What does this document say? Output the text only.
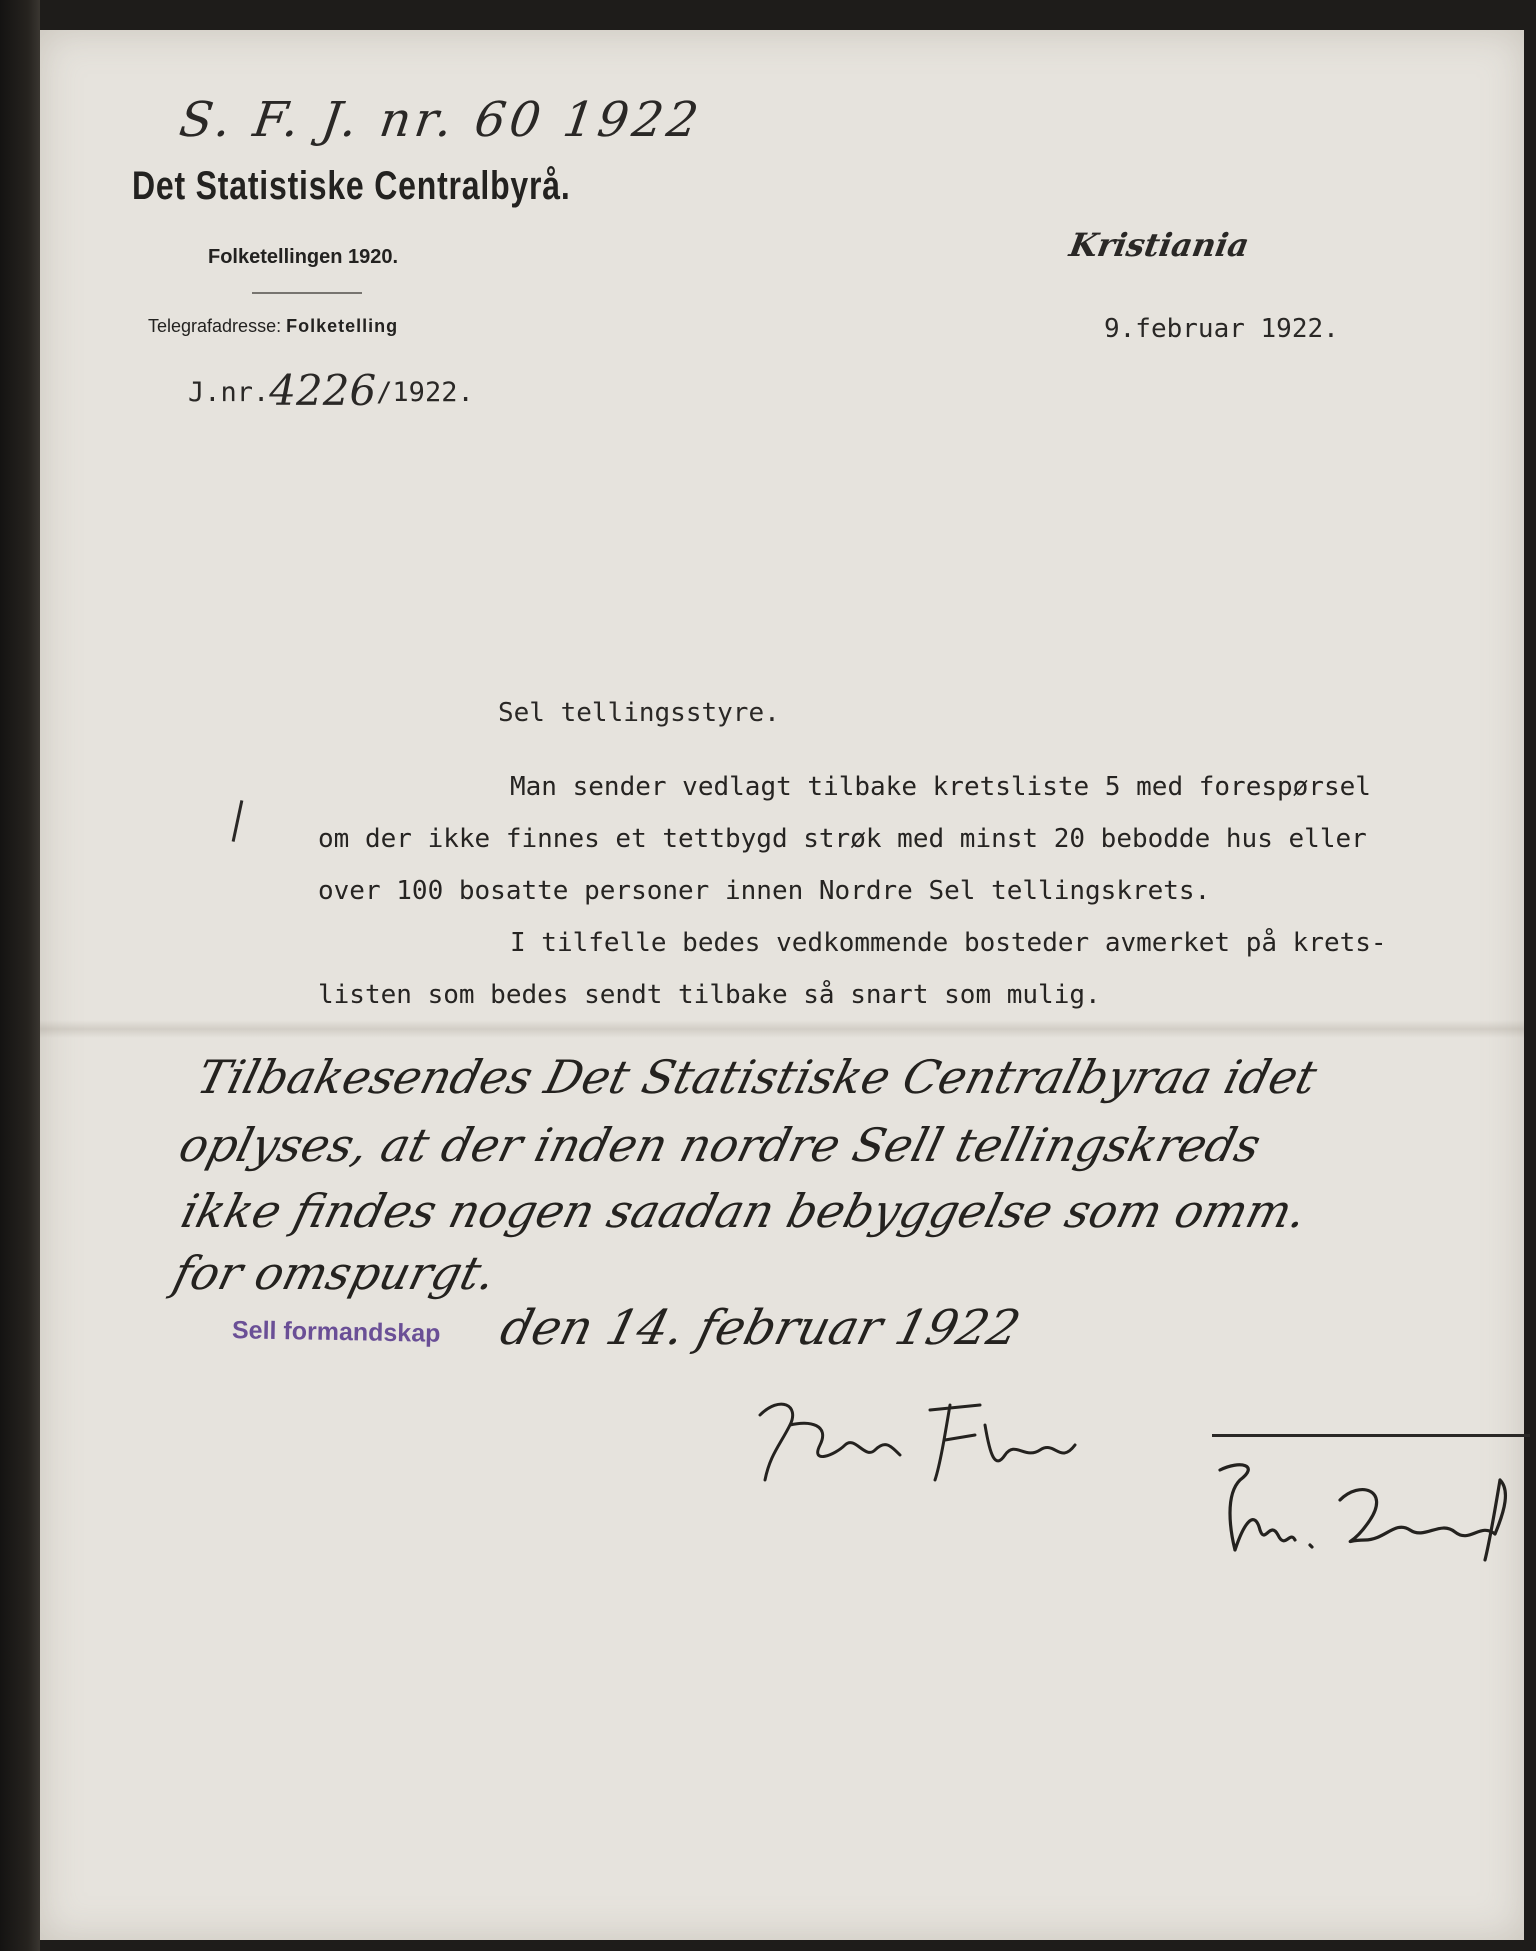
S. F. J. nr. 60 1922

Det Statistiske Centralbyrå.
Folketellingen 1920.
Telegrafadresse: Folketelling
J.nr.4226/1922.

Kristiania

9.februar 1922.
Sel tellingsstyre.
Man sender vedlagt tilbake kretsliste 5 med forespørsel
om der ikke finnes et tettbygd strøk med minst 20 bebodde hus eller
over 100 bosatte personer innen Nordre Sel tellingskrets.
I tilfelle bedes vedkommende bosteder avmerket på krets-
listen som bedes sendt tilbake så snart som mulig.
Tilbakesendes Det Statistiske Centralbyraa idet
oplyses, at der inden nordre Sell tellingskreds
ikke findes nogen saadan bebyggelse som omm.
for omspurgt.
Sell formandskap den 14. februar 1922
